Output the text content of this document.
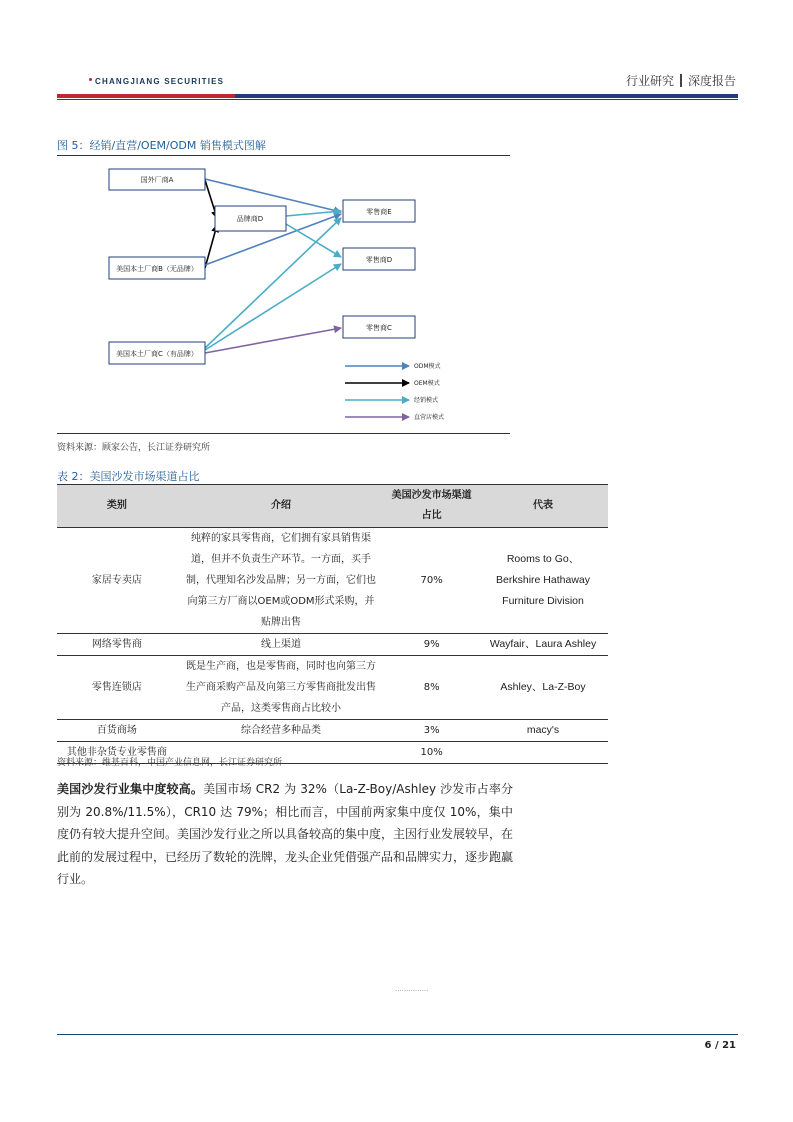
CHANGJIANG SECURITIES	行业研究 深度报告
图 5：经销/直营/OEM/ODM 销售模式图解
国外厂商A
品牌商D
美国本土厂商B（无品牌）
美国本土厂商C（有品牌）
零售商E
零售商D
零售商C
ODM模式
OEM模式
经销模式
直营店模式
资料来源：顾家公告，长江证券研究所
表 2：美国沙发市场渠道占比
类别	介绍	美国沙发市场渠道占比	代表
家居专卖店	纯粹的家具零售商，它们拥有家具销售渠道，但并不负责生产环节。一方面，买手制，代理知名沙发品牌；另一方面，它们也向第三方厂商以OEM或ODM形式采购，并贴牌出售	70%	Rooms to Go、Berkshire Hathaway Furniture Division
网络零售商	线上渠道	9%	Wayfair、Laura Ashley
零售连锁店	既是生产商，也是零售商，同时也向第三方生产商采购产品及向第三方零售商批发出售产品，这类零售商占比较小	8%	Ashley、La-Z-Boy
百货商场	综合经营多种品类	3%	macy's
其他非杂货专业零售商		10%	
资料来源：维基百科，中国产业信息网，长江证券研究所
美国沙发行业集中度较高。美国市场 CR2 为 32%（La-Z-Boy/Ashley 沙发市占率分别为 20.8%/11.5%），CR10 达 79%；相比而言，中国前两家集中度仅 10%，集中度仍有较大提升空间。美国沙发行业之所以具备较高的集中度，主因行业发展较早，在此前的发展过程中，已经历了数轮的洗牌，龙头企业凭借强产品和品牌实力，逐步跑赢行业。
···············
6 / 21
